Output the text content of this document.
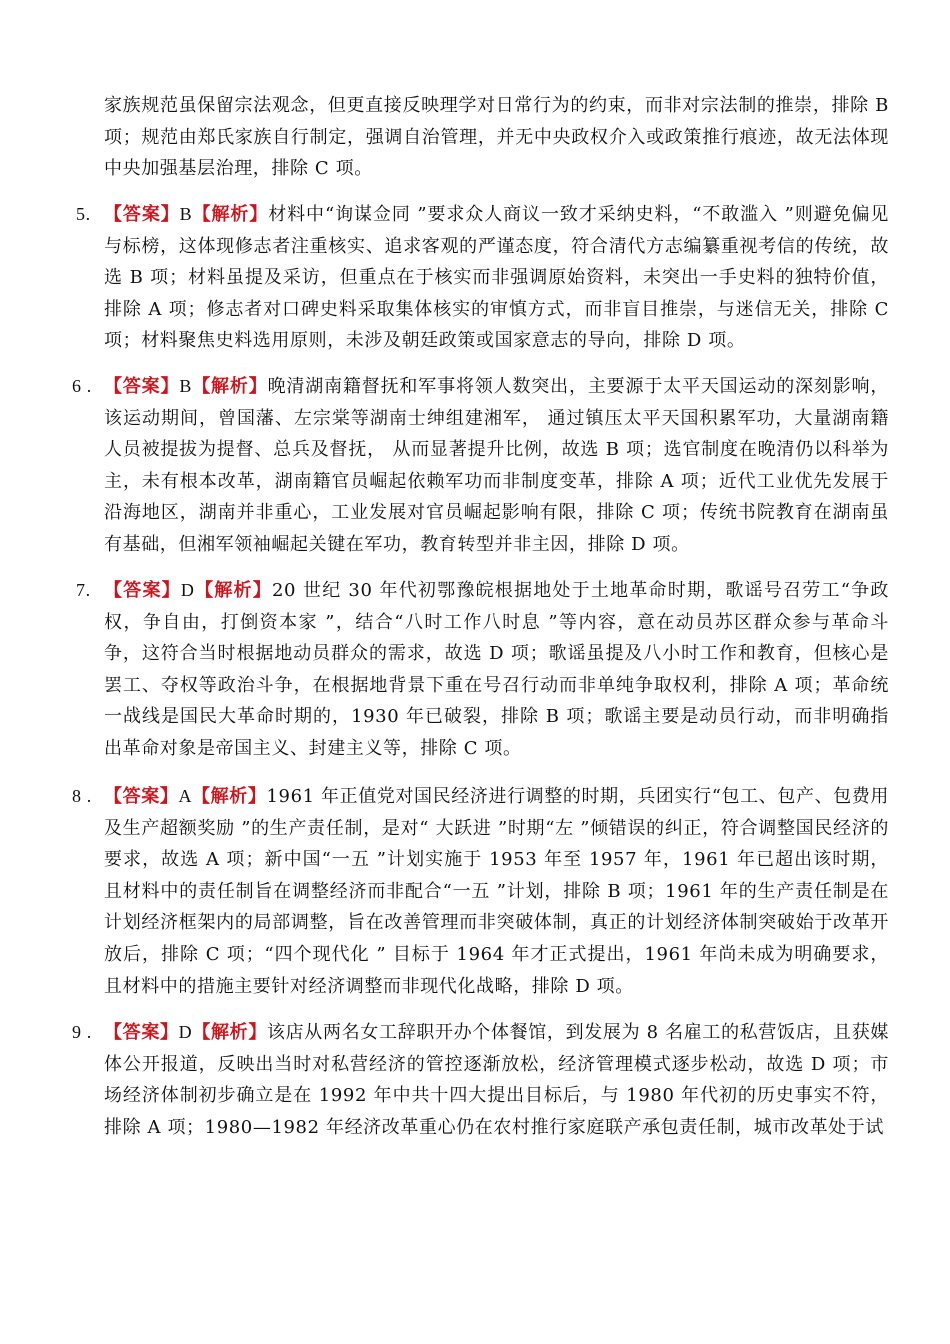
家族规范虽保留宗法观念，但更直接反映理学对日常行为的约束，而非对宗法制的推崇，排除 B 项；规范由郑氏家族自行制定，强调自治管理，并无中央政权介入或政策推行痕迹，故无法体现中央加强基层治理，排除 C 项。

5. 【答案】B【解析】材料中“询谋佥同 ”要求众人商议一致才采纳史料，“不敢滥入 ”则避免偏见与标榜，这体现修志者注重核实、追求客观的严谨态度，符合清代方志编纂重视考信的传统，故选 B 项；材料虽提及采访，但重点在于核实而非强调原始资料，未突出一手史料的独特价值，排除 A 项；修志者对口碑史料采取集体核实的审慎方式，而非盲目推崇，与迷信无关，排除 C 项；材料聚焦史料选用原则，未涉及朝廷政策或国家意志的导向，排除 D 项。
6 . 【答案】B【解析】晚清湖南籍督抚和军事将领人数突出，主要源于太平天国运动的深刻影响，该运动期间，曾国藩、左宗棠等湖南士绅组建湘军， 通过镇压太平天国积累军功，大量湖南籍人员被提拔为提督、总兵及督抚， 从而显著提升比例，故选 B 项；选官制度在晚清仍以科举为主，未有根本改革，湖南籍官员崛起依赖军功而非制度变革，排除 A 项；近代工业优先发展于沿海地区，湖南并非重心，工业发展对官员崛起影响有限，排除 C 项；传统书院教育在湖南虽有基础，但湘军领袖崛起关键在军功，教育转型并非主因，排除 D 项。
7. 【答案】D【解析】20 世纪 30 年代初鄂豫皖根据地处于土地革命时期，歌谣号召劳工“争政权，争自由，打倒资本家 ”，结合“八时工作八时息 ”等内容，意在动员苏区群众参与革命斗争，这符合当时根据地动员群众的需求，故选 D 项；歌谣虽提及八小时工作和教育，但核心是罢工、夺权等政治斗争，在根据地背景下重在号召行动而非单纯争取权利，排除 A 项；革命统一战线是国民大革命时期的，1930 年已破裂，排除 B 项；歌谣主要是动员行动，而非明确指出革命对象是帝国主义、封建主义等，排除 C 项。
8 . 【答案】A【解析】1961 年正值党对国民经济进行调整的时期，兵团实行“包工、包产、包费用及生产超额奖励 ”的生产责任制，是对“ 大跃进 ”时期“左 ”倾错误的纠正，符合调整国民经济的要求，故选 A 项；新中国“一五 ”计划实施于 1953 年至 1957 年，1961 年已超出该时期，且材料中的责任制旨在调整经济而非配合“一五 ”计划，排除 B 项；1961 年的生产责任制是在计划经济框架内的局部调整，旨在改善管理而非突破体制，真正的计划经济体制突破始于改革开放后，排除 C 项；“四个现代化 ” 目标于 1964 年才正式提出，1961 年尚未成为明确要求，且材料中的措施主要针对经济调整而非现代化战略，排除 D 项。
9 . 【答案】D【解析】该店从两名女工辞职开办个体餐馆，到发展为 8 名雇工的私营饭店，且获媒体公开报道，反映出当时对私营经济的管控逐渐放松，经济管理模式逐步松动，故选 D 项；市场经济体制初步确立是在 1992 年中共十四大提出目标后，与 1980 年代初的历史事实不符，排除 A 项；1980—1982 年经济改革重心仍在农村推行家庭联产承包责任制，城市改革处于试
